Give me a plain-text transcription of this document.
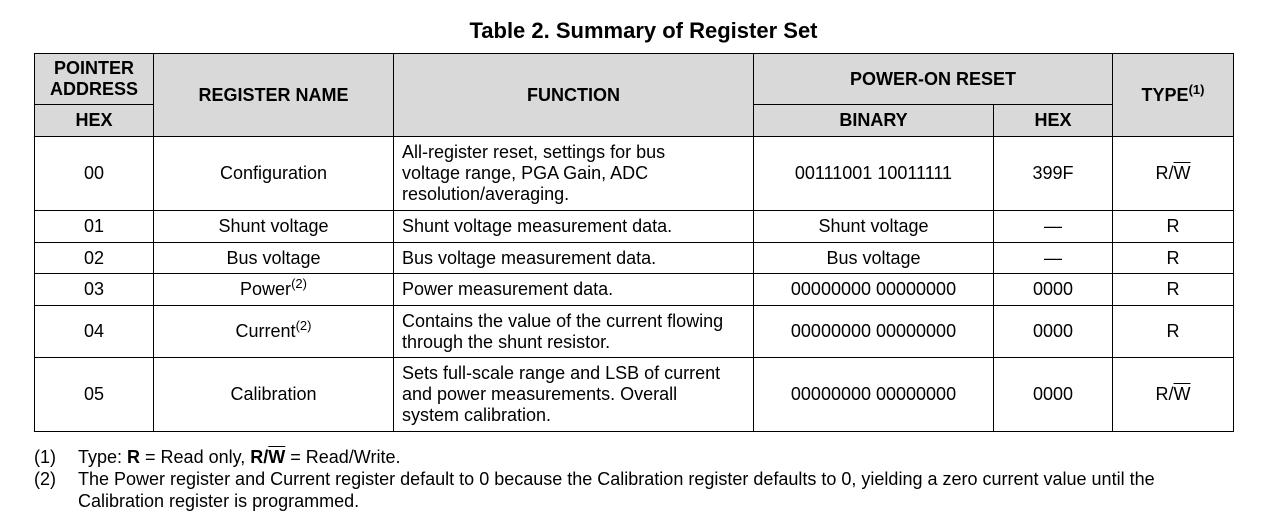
Table 2. Summary of Register Set
POINTER
ADDRESS	REGISTER NAME	FUNCTION	POWER-ON RESET		TYPE$^{(1)}$
HEX			BINARY	HEX	
00	Configuration	All-register reset, settings for bus
voltage range, PGA Gain, ADC
resolution/averaging.	00111001 10011111	399F	$R/\overline{W}$
01	Shunt voltage	Shunt voltage measurement data.	Shunt voltage	—	R
02	Bus voltage	Bus voltage measurement data.	Bus voltage	—	R
03	Power$^{(2)}$	Power measurement data.	00000000 00000000	0000	R
04	Current$^{(2)}$	Contains the value of the current flowing
through the shunt resistor.	00000000 00000000	0000	R
05	Calibration	Sets full-scale range and LSB of current
and power measurements. Overall
system calibration.	00000000 00000000	0000	$R/\overline{W}$
(1) Type: R = Read only, $R/\overline{W}$ = Read/Write.
(2) The Power register and Current register default to 0 because the Calibration register defaults to 0, yielding a zero current value until the
Calibration register is programmed.
